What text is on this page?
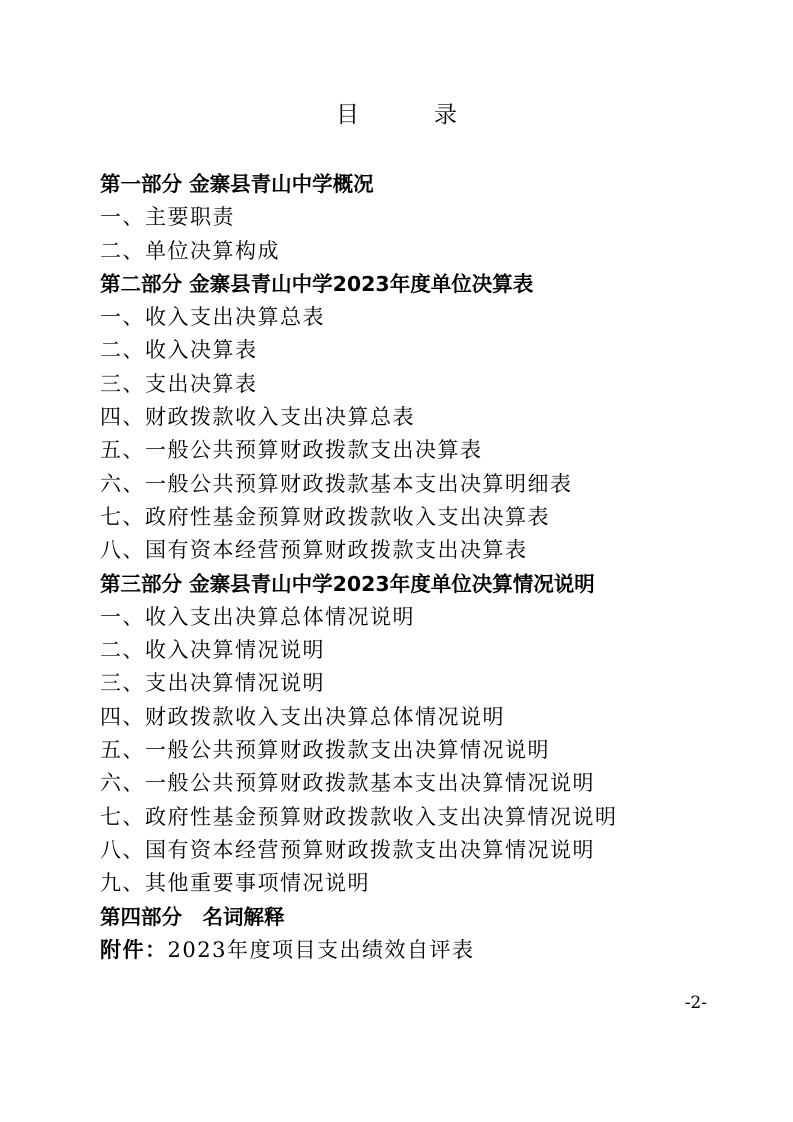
目　录
第一部分 金寨县青山中学概况
一、主要职责
二、单位决算构成
第二部分 金寨县青山中学2023年度单位决算表
一、收入支出决算总表
二、收入决算表
三、支出决算表
四、财政拨款收入支出决算总表
五、一般公共预算财政拨款支出决算表
六、一般公共预算财政拨款基本支出决算明细表
七、政府性基金预算财政拨款收入支出决算表
八、国有资本经营预算财政拨款支出决算表
第三部分 金寨县青山中学2023年度单位决算情况说明
一、收入支出决算总体情况说明
二、收入决算情况说明
三、支出决算情况说明
四、财政拨款收入支出决算总体情况说明
五、一般公共预算财政拨款支出决算情况说明
六、一般公共预算财政拨款基本支出决算情况说明
七、政府性基金预算财政拨款收入支出决算情况说明
八、国有资本经营预算财政拨款支出决算情况说明
九、其他重要事项情况说明
第四部分　名词解释
附件：2023年度项目支出绩效自评表
-2-
